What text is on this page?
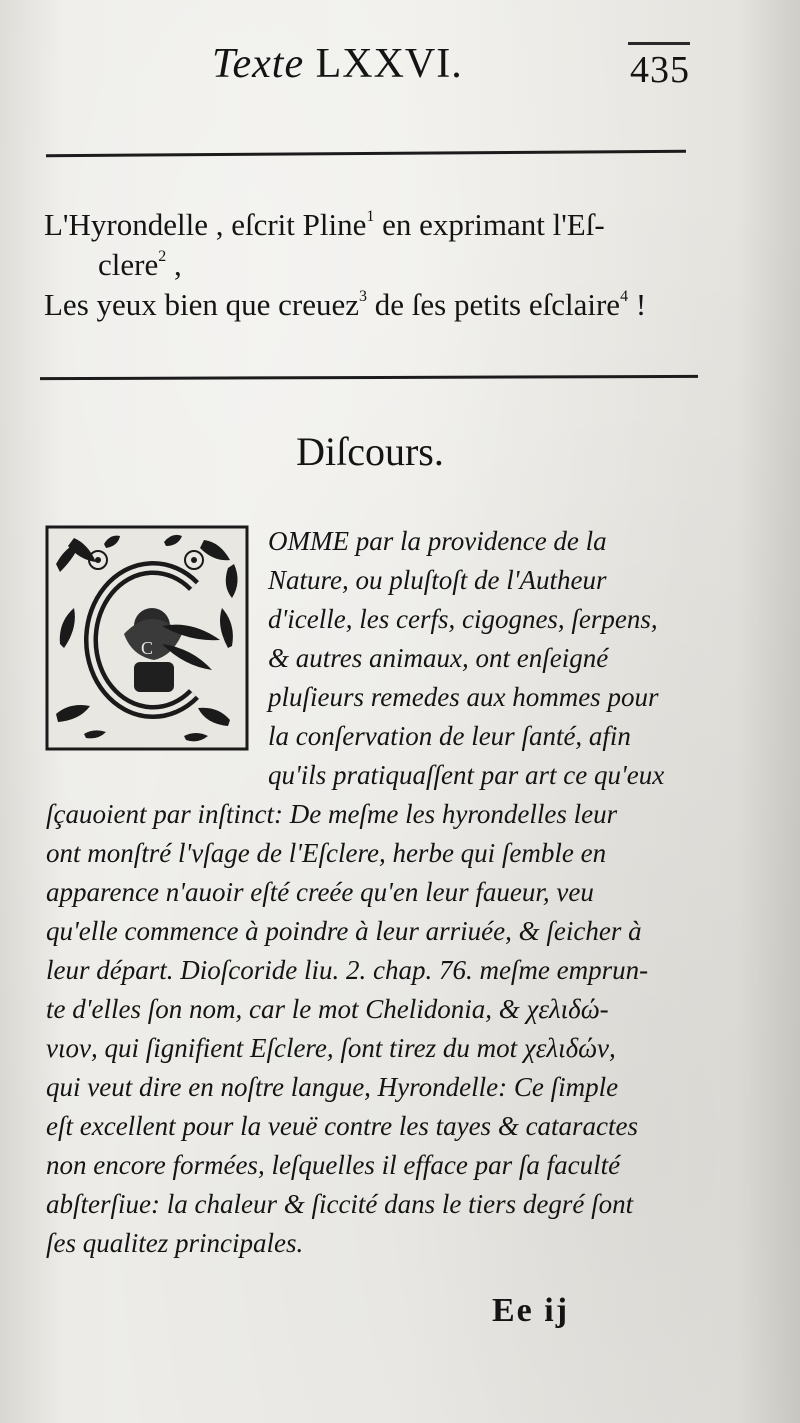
Texte LXXVI.	435
L'Hyrondelle , eſcrit Pline$^1$ en exprimant l'Eſ-
clere$^2$ ,
Les yeux bien que creuez$^3$ de ſes petits eſclaire$^4$ !
Diſcours.
C
OMME par la providence de la
Nature, ou pluſtoſt de l'Autheur
d'icelle, les cerfs, cigognes, ſerpens,
& autres animaux, ont enſeigné
pluſieurs remedes aux hommes pour
la conſervation de leur ſanté, afin
qu'ils pratiquaſſent par art ce qu'eux
ſçauoient par inſtinct: De meſme les hyrondelles leur
ont monſtré l'vſage de l'Eſclere, herbe qui ſemble en
apparence n'auoir eſté creée qu'en leur faueur, veu
qu'elle commence à poindre à leur arriuée, & ſeicher à
leur départ. Dioſcoride liu. 2. chap. 76. meſme emprun-
te d'elles ſon nom, car le mot Chelidonia, & χελιδώ-
νιον, qui ſignifient Eſclere, ſont tirez du mot χελιδών,
qui veut dire en noſtre langue, Hyrondelle: Ce ſimple
eſt excellent pour la veuë contre les tayes & cataractes
non encore formées, leſquelles il efface par ſa faculté
abſterſiue: la chaleur & ſiccité dans le tiers degré ſont
ſes qualitez principales.
Ee ij
